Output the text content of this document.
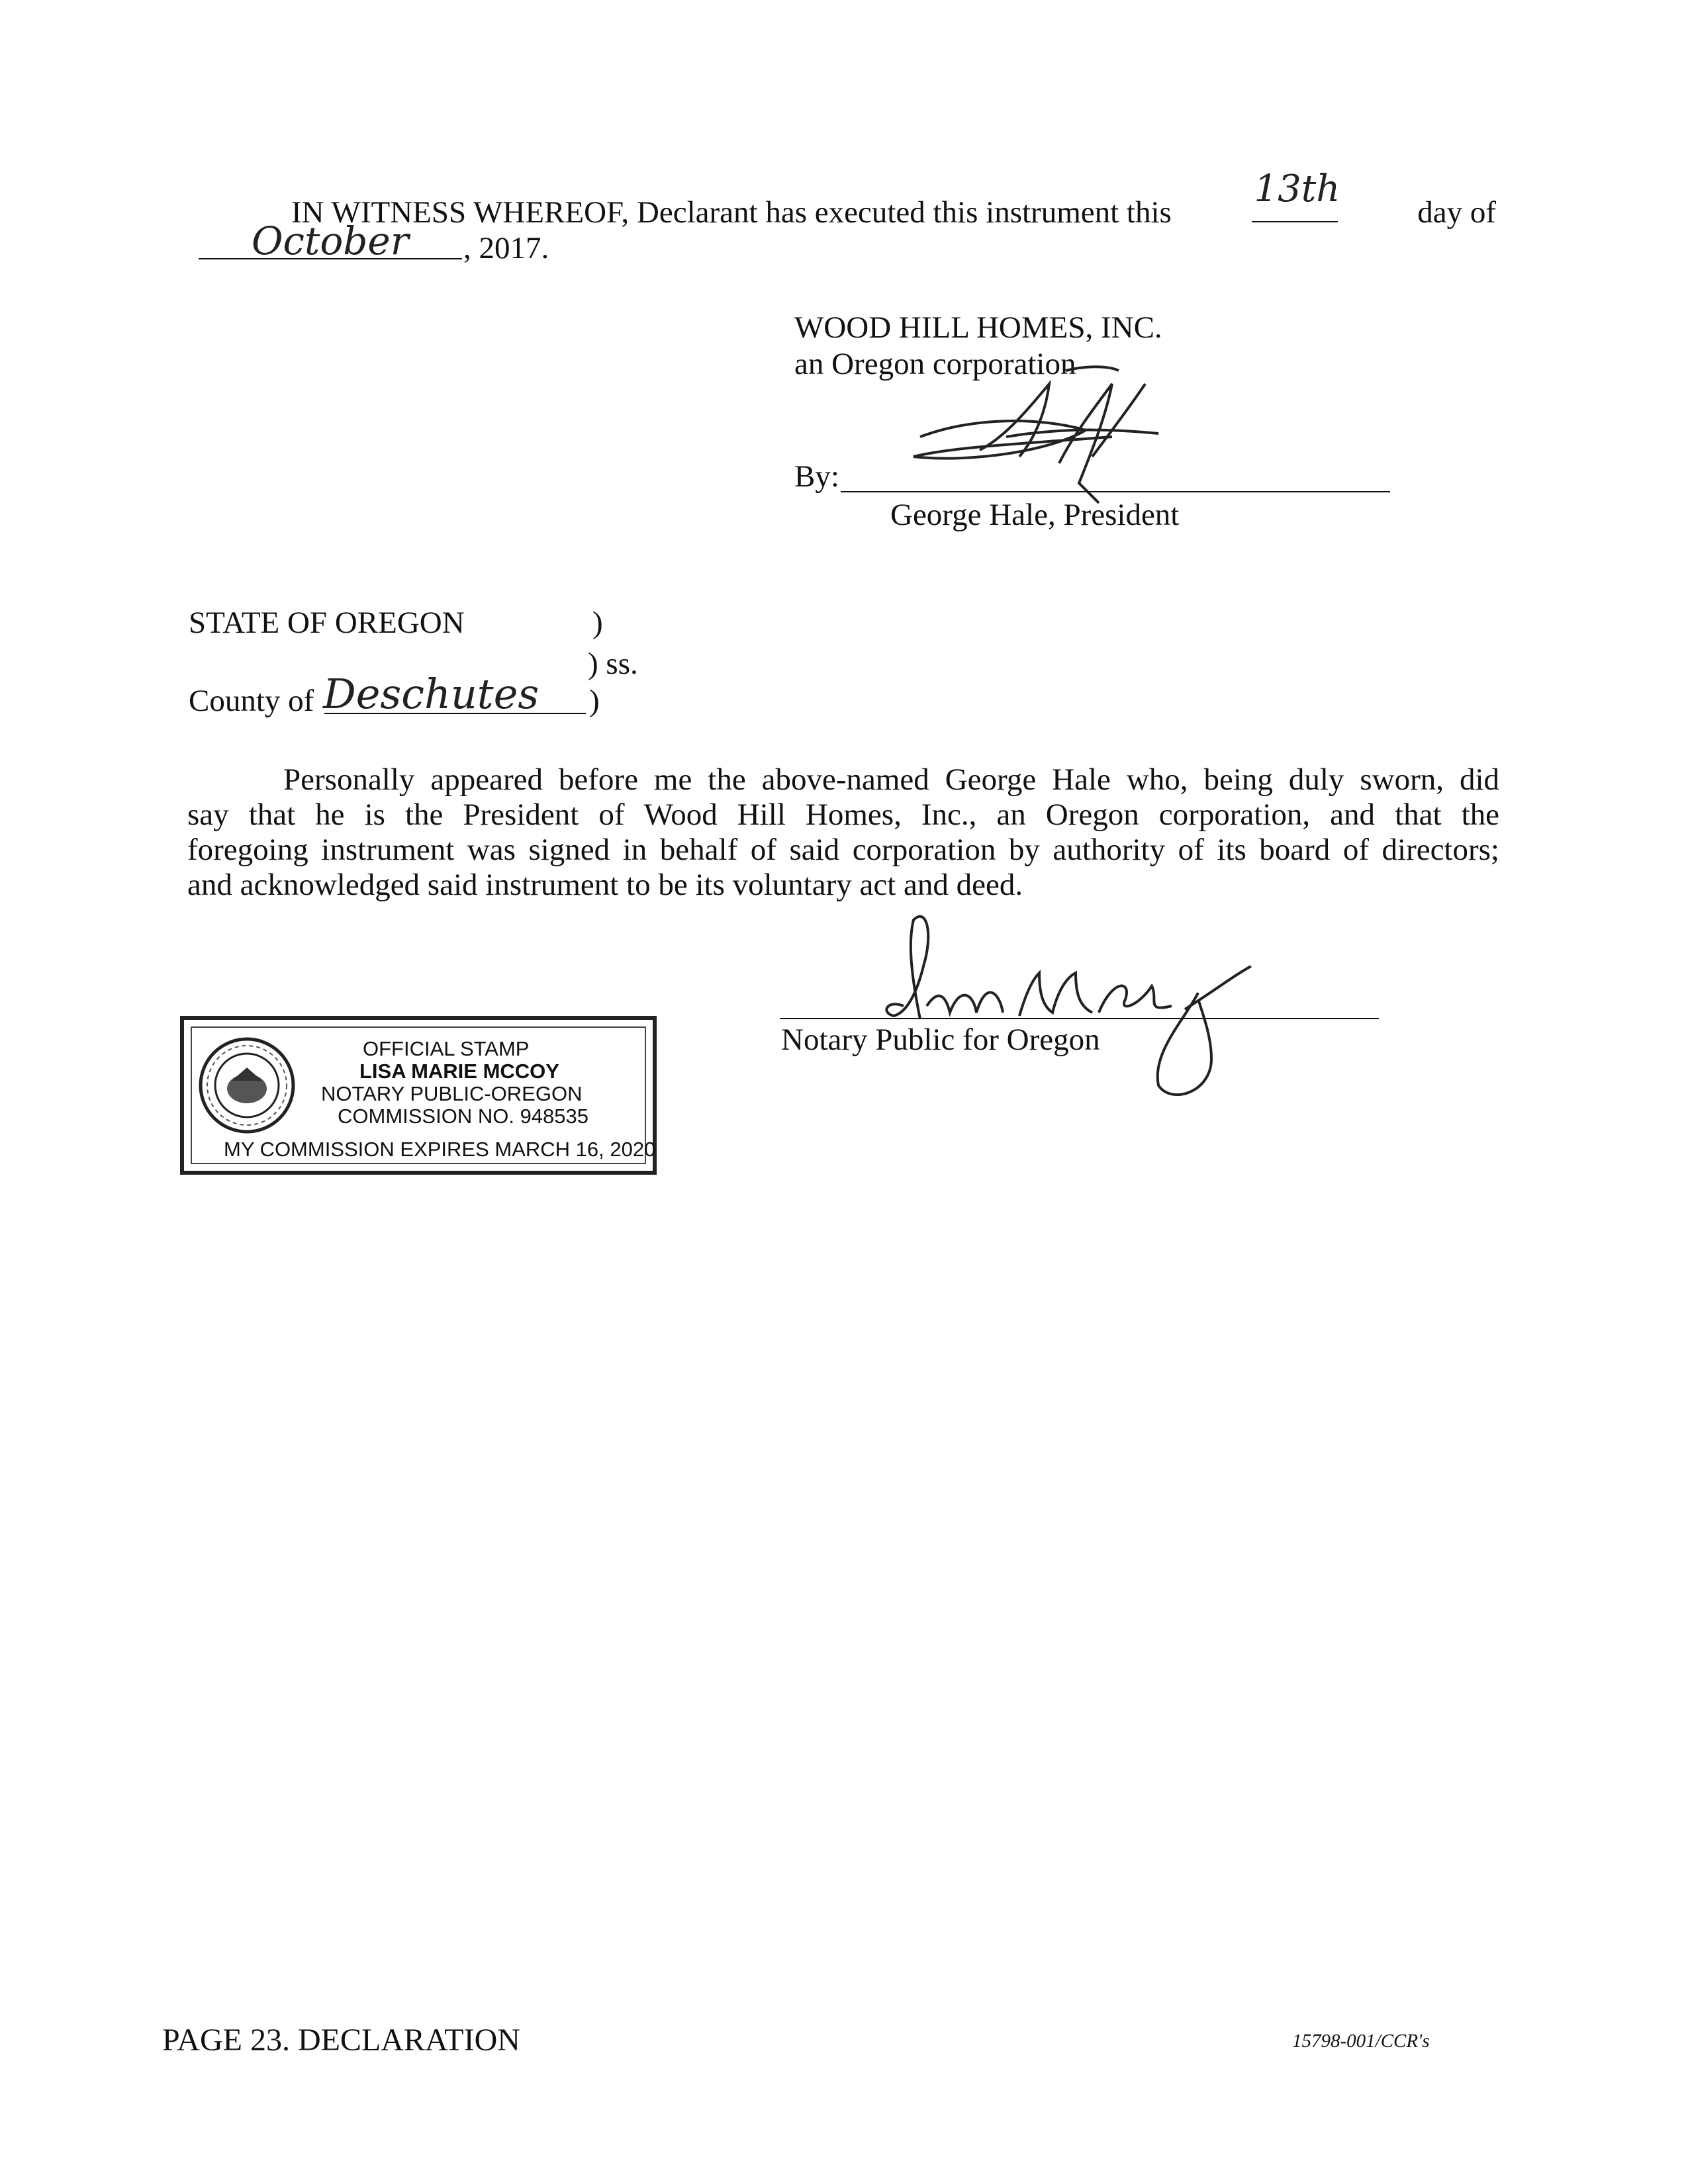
IN WITNESS WHEREOF, Declarant has executed this instrument this
13th
day of
October , 2017.
WOOD HILL HOMES, INC.
an Oregon corporation
By:
George Hale, President
STATE OF OREGON	)
) ss.
County of Deschutes )
Personally appeared before me the above-named George Hale who, being duly sworn, did
say that he is the President of Wood Hill Homes, Inc., an Oregon corporation, and that the
foregoing instrument was signed in behalf of said corporation by authority of its board of directors;
and acknowledged said instrument to be its voluntary act and deed.
OFFICIAL STAMP
LISA MARIE MCCOY
NOTARY PUBLIC-OREGON
COMMISSION NO. 948535
MY COMMISSION EXPIRES MARCH 16, 2020
Notary Public for Oregon
PAGE 23. DECLARATION	15798-001/CCR's
